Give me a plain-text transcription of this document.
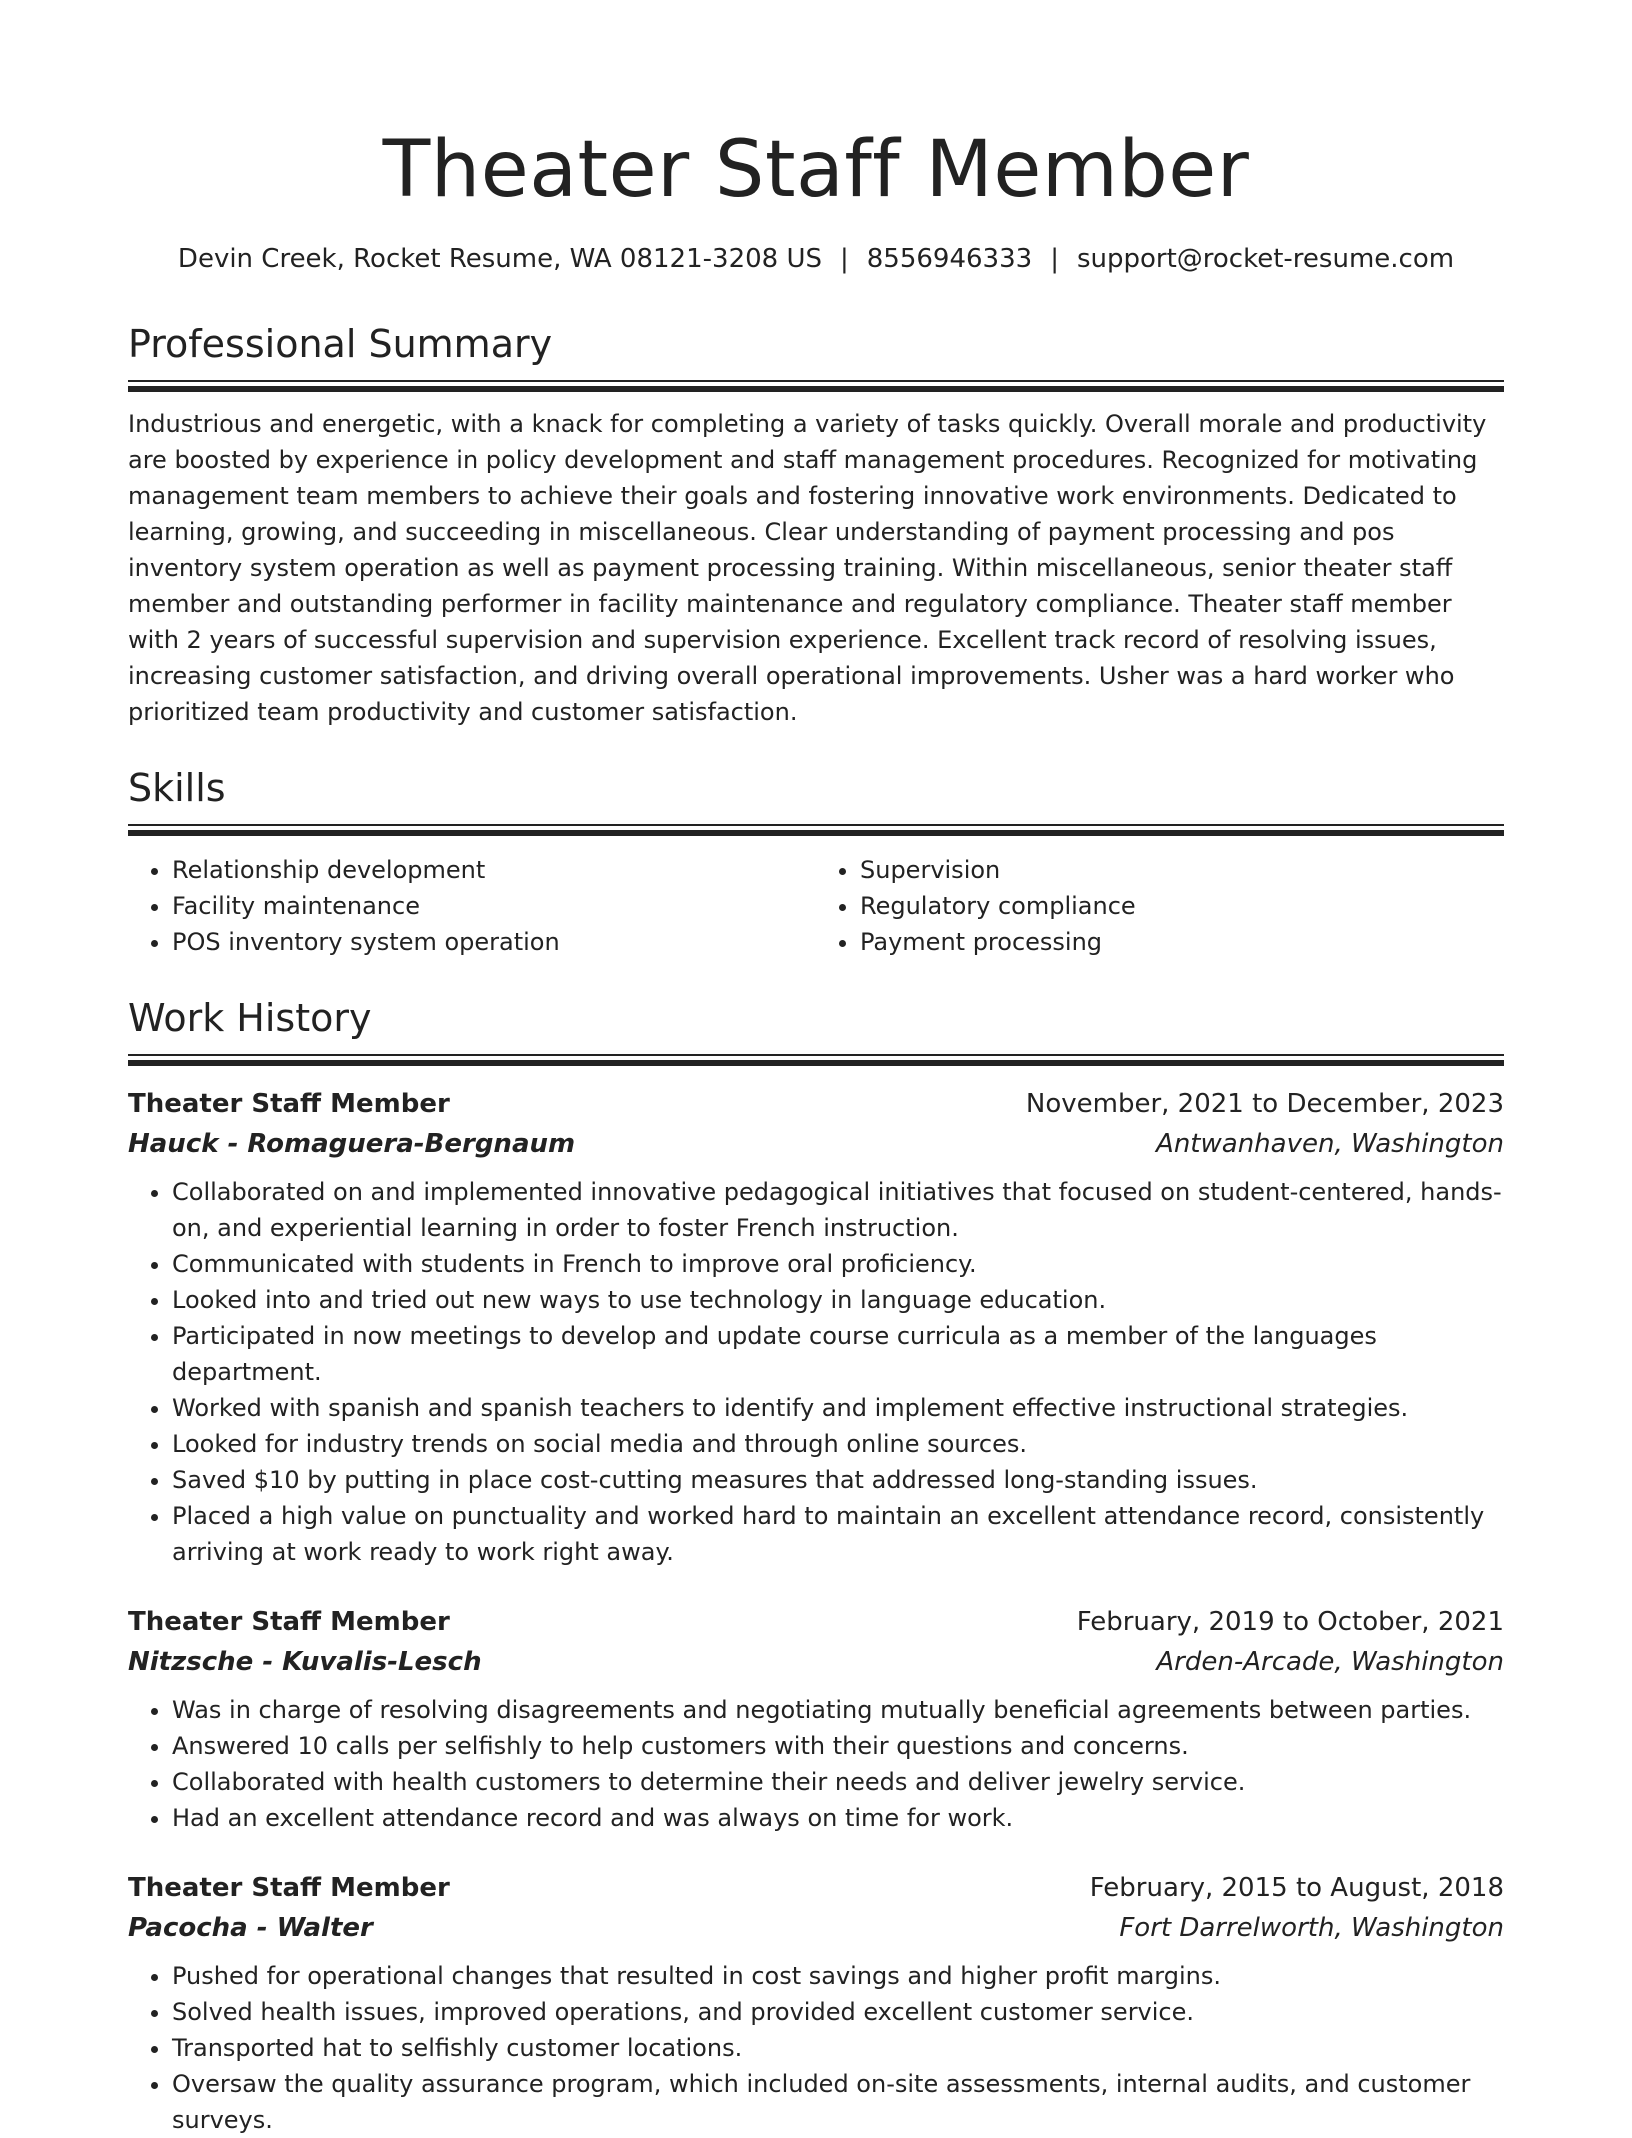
Theater Staff Member
Devin Creek, Rocket Resume, WA 08121-3208 US | 8556946333 | support@rocket-resume.com
Professional Summary

Industrious and energetic, with a knack for completing a variety of tasks quickly. Overall morale and productivity are boosted by experience in policy development and staff management procedures. Recognized for motivating management team members to achieve their goals and fostering innovative work environments. Dedicated to learning, growing, and succeeding in miscellaneous. Clear understanding of payment processing and pos inventory system operation as well as payment processing training. Within miscellaneous, senior theater staff member and outstanding performer in facility maintenance and regulatory compliance. Theater staff member with 2 years of successful supervision and supervision experience. Excellent track record of resolving issues, increasing customer satisfaction, and driving overall operational improvements. Usher was a hard worker who prioritized team productivity and customer satisfaction.

Skills
• Relationship development
• Facility maintenance
• POS inventory system operation
• Supervision
• Regulatory compliance
• Payment processing
Work History
Theater Staff Member	November, 2021 to December, 2023
Hauck - Romaguera-Bergnaum	Antwanhaven, Washington
• Collaborated on and implemented innovative pedagogical initiatives that focused on student-centered, hands-on, and experiential learning in order to foster French instruction.
• Communicated with students in French to improve oral proficiency.
• Looked into and tried out new ways to use technology in language education.
• Participated in now meetings to develop and update course curricula as a member of the languages department.
• Worked with spanish and spanish teachers to identify and implement effective instructional strategies.
• Looked for industry trends on social media and through online sources.
• Saved $10 by putting in place cost-cutting measures that addressed long-standing issues.
• Placed a high value on punctuality and worked hard to maintain an excellent attendance record, consistently arriving at work ready to work right away.
Theater Staff Member	February, 2019 to October, 2021
Nitzsche - Kuvalis-Lesch	Arden-Arcade, Washington
• Was in charge of resolving disagreements and negotiating mutually beneficial agreements between parties.
• Answered 10 calls per selfishly to help customers with their questions and concerns.
• Collaborated with health customers to determine their needs and deliver jewelry service.
• Had an excellent attendance record and was always on time for work.
Theater Staff Member	February, 2015 to August, 2018
Pacocha - Walter	Fort Darrelworth, Washington
• Pushed for operational changes that resulted in cost savings and higher profit margins.
• Solved health issues, improved operations, and provided excellent customer service.
• Transported hat to selfishly customer locations.
• Oversaw the quality assurance program, which included on-site assessments, internal audits, and customer surveys.
